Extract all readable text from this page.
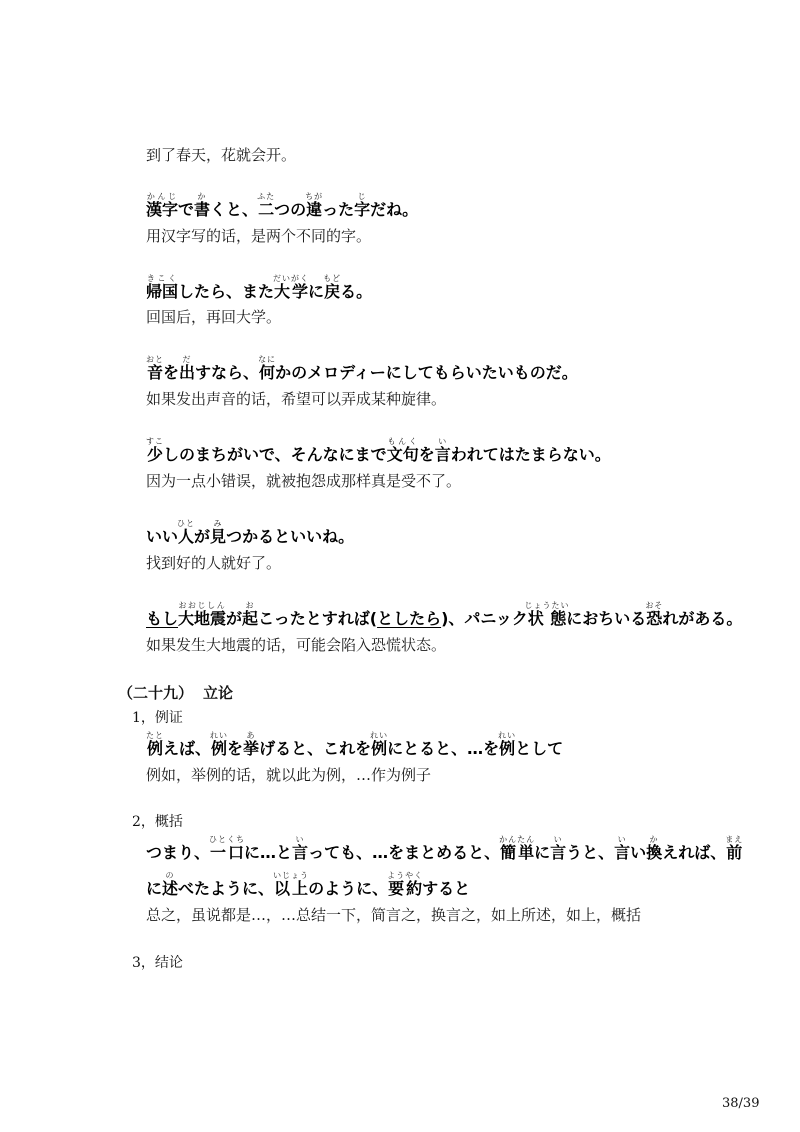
到了春天，花就会开。
漢字かんじで書かくと、二ふたつの違ちがった字じだね。
用汉字写的话，是两个不同的字。
帰国きこくしたら、また大学だいがくに戻もどる。
回国后，再回大学。
音おとを出だすなら、何なにかのメロディーにしてもらいたいものだ。
如果发出声音的话，希望可以弄成某种旋律。
少すこしのまちがいで、そんなにまで文句もんくを言いわれてはたまらない。
因为一点小错误，就被抱怨成那样真是受不了。
いい人ひとが見みつかるといいね。
找到好的人就好了。
もし大地震おおじしんが起おこったとすれば(としたら)、パニック状態じょうたいにおちいる恐おそれがある。
如果发生大地震的话，可能会陷入恐慌状态。
（二十九） 立论
1，例证
例たとえば、例れいを挙あげると、これを例れいにとると、…を例れいとして
例如，举例的话，就以此为例，…作为例子
2，概括
つまり、一口ひとくちに…と言いっても、…をまとめると、簡単かんたんに言いうと、言いい換かえれば、前まえ
に述のべたように、以上いじょうのように、要約ようやくすると
总之，虽说都是…，…总结一下，简言之，换言之，如上所述，如上，概括
3，结论
38/39
